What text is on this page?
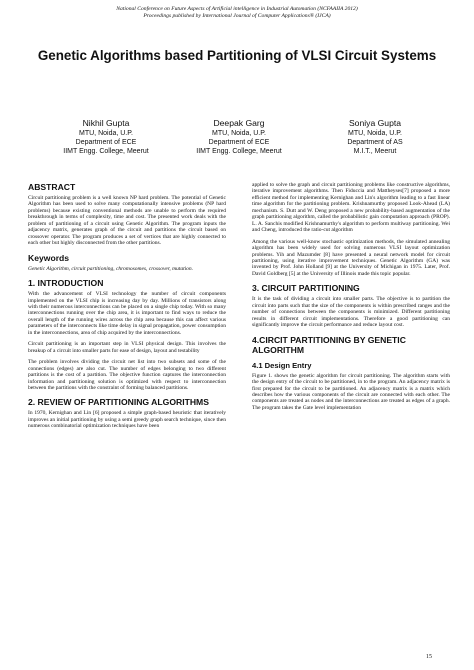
National Conference on Future Aspects of Artificial intelligence in Industrial Automation (NCFAAIIA 2012)
Proceedings published by International Journal of Computer Applications® (IJCA)
Genetic Algorithms based Partitioning of VLSI Circuit Systems
Nikhil Gupta
MTU, Noida, U.P.
Department of ECE
IIMT Engg. College, Meerut
Deepak Garg
MTU, Noida, U.P.
Department of ECE
IIMT Engg. College, Meerut
Soniya Gupta
MTU, Noida, U.P.
Department of AS
M.I.T., Meerut
ABSTRACT

Circuit partitioning problem is a well known NP hard problem. The potential of Genetic Algorithm has been used to solve many computationally intensive problems (NP hard problems) because existing conventional methods are unable to perform the required breakthrough in terms of complexity, time and cost. The presented work deals with the problem of partitioning of a circuit using Genetic Algorithm. The program inputs the adjacency matrix, generates graph of the circuit and partitions the circuit based on crossover operator. The program produces a set of vertices that are highly connected to each other but highly disconnected from the other partitions.

Keywords

Genetic Algorithm, circuit partitioning, chromosomes, crossover, mutation.

1. INTRODUCTION

With the advancement of VLSI technology the number of circuit components implemented on the VLSI chip is increasing day by day. Millions of transistors along with their numerous interconnections can be placed on a single chip today. With so many interconnections running over the chip area, it is important to find ways to reduce the overall length of the running wires across the chip area because this can affect various parameters of the interconnects like time delay in signal propagation, power consumption in the interconnections, area of chip acquired by the interconnections.

Circuit partitioning is an important step in VLSI physical design. This involves the breakup of a circuit into smaller parts for ease of design, layout and testability

The problem involves dividing the circuit net list into two subsets and some of the connections (edges) are also cut. The number of edges belonging to two different partitions is the cost of a partition. The objective function captures the interconnection information and partitioning solution is optimized with respect to interconnection between the partitions with the constraint of forming balanced partitions.

2. REVIEW OF PARTITIONING ALGORITHMS

In 1970, Kernighan and Lin [6] proposed a simple graph-based heuristic that iteratively improves an initial partitioning by using a semi greedy graph search technique, since then numerous combinatorial optimization techniques have been

applied to solve the graph and circuit partitioning problems like constructive algorithms, iterative improvement algorithms. Then Fiduccia and Mattheyses[7] proposed a more efficient method for implementing Kernighan and Lin's algorithm leading to a fast linear time algorithm for the partitioning problem. Krishnamurthy proposed Look-Ahead (LA) mechanism. S. Dutt and W. Deng proposed a new probability-based augmentation of the graph partitioning algorithm, called the probabilistic gain computation approach (PROP). L. A. Sanchis modified Krishnamurthy's algorithm to perform multiway partitioning. Wei and Cheng, introduced the ratio-cut algorithm

Among the various well-know stochastic optimization methods, the simulated annealing algorithm has been widely used for solving numerous VLSI layout optimization problems. Yih and Mazumder [8] have presented a neural network model for circuit partitioning, using iterative improvement techniques. Genetic Algorithm (GA) was invented by Prof. John Holland [9] at the University of Michigan in 1975. Later, Prof. David Goldberg [5] at the University of Illinois made this topic popular.

3. CIRCUIT PARTITIONING

It is the task of dividing a circuit into smaller parts. The objective is to partition the circuit into parts such that the size of the components is within prescribed ranges and the number of connections between the components is minimized. Different partitioning results in different circuit implementations. Therefore a good partitioning can significantly improve the circuit performance and reduce layout cost.

4.CIRCIT PARTITIONING BY GENETIC ALGORITHM
4.1 Design Entry

Figure 1. shows the genetic algorithm for circuit partitioning. The algorithm starts with the design entry of the circuit to be partitioned, in to the program. An adjacency matrix is first prepared for the circuit to be partitioned. An adjacency matrix is a matrix which describes how the various components of the circuit are connected with each other. The components are treated as nodes and the interconnections are treated as edges of a graph. The program takes the Gate level implementation

15
